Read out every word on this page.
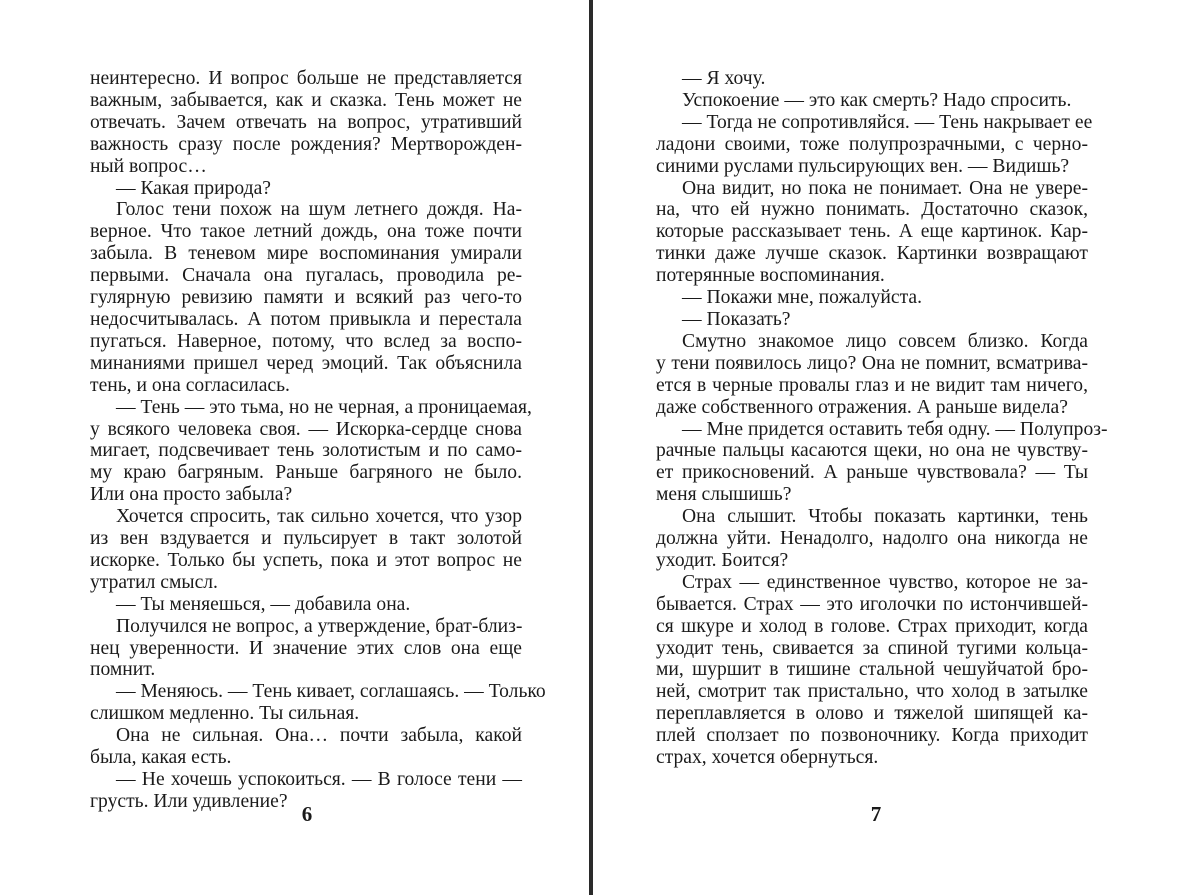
неинтересно. И вопрос больше не представляется
важным, забывается, как и сказка. Тень может не
отвечать. Зачем отвечать на вопрос, утративший
важность сразу после рождения? Мертворожден-
ный вопрос…
— Какая природа?
Голос тени похож на шум летнего дождя. На-
верное. Что такое летний дождь, она тоже почти
забыла. В теневом мире воспоминания умирали
первыми. Сначала она пугалась, проводила ре-
гулярную ревизию памяти и всякий раз чего-то
недосчитывалась. А потом привыкла и перестала
пугаться. Наверное, потому, что вслед за воспо-
минаниями пришел черед эмоций. Так объяснила
тень, и она согласилась.
— Тень — это тьма, но не черная, а проницаемая,
у всякого человека своя. — Искорка-сердце снова
мигает, подсвечивает тень золотистым и по само-
му краю багряным. Раньше багряного не было.
Или она просто забыла?
Хочется спросить, так сильно хочется, что узор
из вен вздувается и пульсирует в такт золотой
искорке. Только бы успеть, пока и этот вопрос не
утратил смысл.
— Ты меняешься, — добавила она.
Получился не вопрос, а утверждение, брат-близ-
нец уверенности. И значение этих слов она еще
помнит.
— Меняюсь. — Тень кивает, соглашаясь. — Только
слишком медленно. Ты сильная.
Она не сильная. Она… почти забыла, какой
была, какая есть.
— Не хочешь успокоиться. — В голосе тени —
грусть. Или удивление?
6
— Я хочу.
Успокоение — это как смерть? Надо спросить.
— Тогда не сопротивляйся. — Тень накрывает ее
ладони своими, тоже полупрозрачными, с черно-
синими руслами пульсирующих вен. — Видишь?
Она видит, но пока не понимает. Она не увере-
на, что ей нужно понимать. Достаточно сказок,
которые рассказывает тень. А еще картинок. Кар-
тинки даже лучше сказок. Картинки возвращают
потерянные воспоминания.
— Покажи мне, пожалуйста.
— Показать?
Смутно знакомое лицо совсем близко. Когда
у тени появилось лицо? Она не помнит, всматрива-
ется в черные провалы глаз и не видит там ничего,
даже собственного отражения. А раньше видела?
— Мне придется оставить тебя одну. — Полупроз-
рачные пальцы касаются щеки, но она не чувству-
ет прикосновений. А раньше чувствовала? — Ты
меня слышишь?
Она слышит. Чтобы показать картинки, тень
должна уйти. Ненадолго, надолго она никогда не
уходит. Боится?
Страх — единственное чувство, которое не за-
бывается. Страх — это иголочки по истончившей-
ся шкуре и холод в голове. Страх приходит, когда
уходит тень, свивается за спиной тугими кольца-
ми, шуршит в тишине стальной чешуйчатой бро-
ней, смотрит так пристально, что холод в затылке
переплавляется в олово и тяжелой шипящей ка-
плей сползает по позвоночнику. Когда приходит
страх, хочется обернуться.
7
